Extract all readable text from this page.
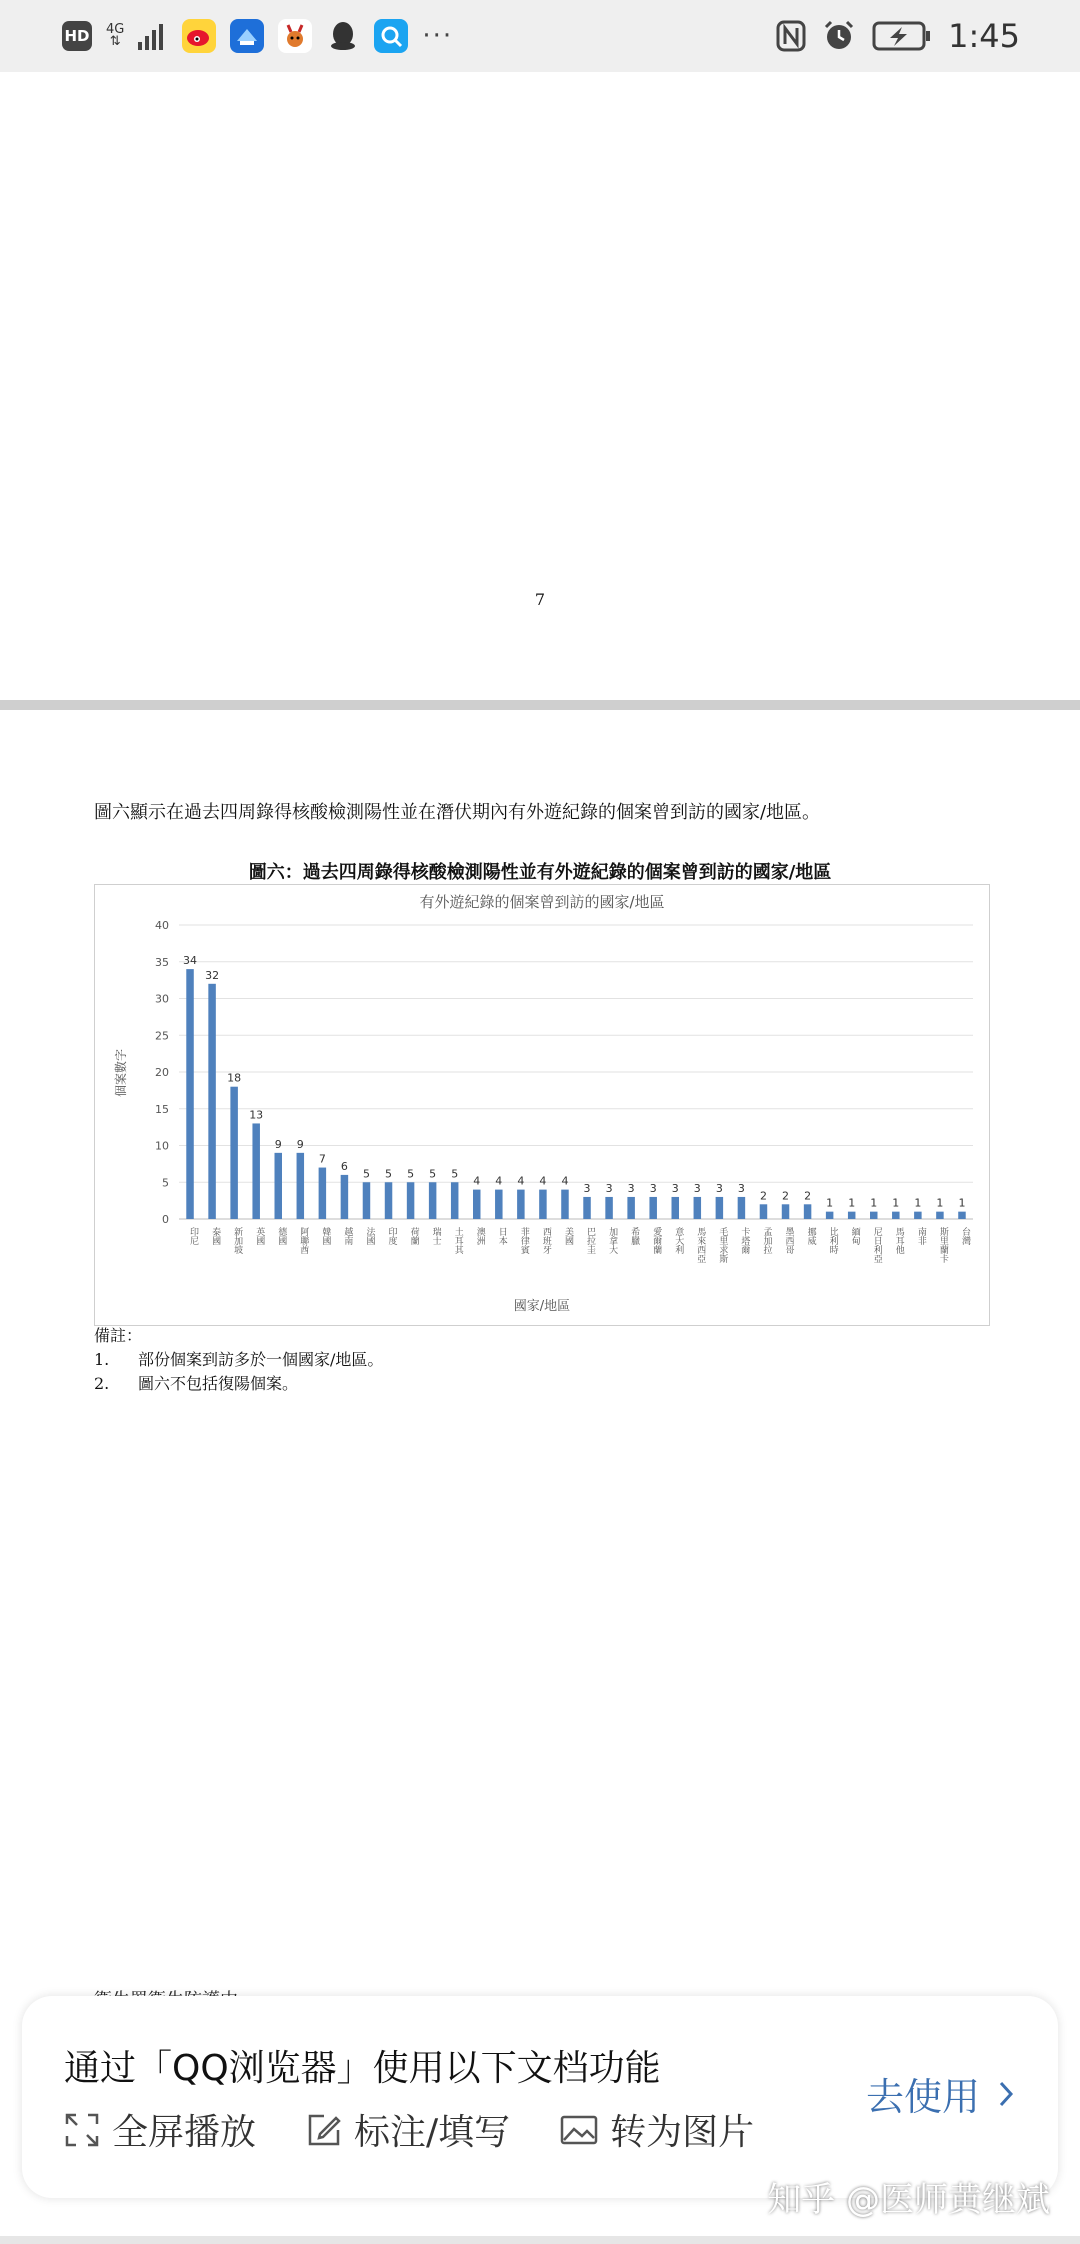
HD 4G
⇅	···	1:45
7
圖六顯示在過去四周錄得核酸檢測陽性並在潛伏期內有外遊紀錄的個案曾到訪的國家/地區。
圖六：過去四周錄得核酸檢測陽性並有外遊紀錄的個案曾到訪的國家/地區
有外遊紀錄的個案曾到訪的國家/地區
0
5
10
15
20
25
30
35
40
34
32
18
13
9 9
7
6
5 5 5 5 5
4 4 4 4 4
3 3 3 3 3 3 3 3
2 2 2
1 1 1 1 1 1 1
印尼 泰國 新加坡 英國 德國 阿聯酋 韓國 越南 法國 印度 荷蘭 瑞士 土耳其 澳洲 日本 菲律賓 西班牙 美國 巴拉圭 加拿大 希臘 愛爾蘭 意大利 馬來西亞 毛里求斯 卡塔爾 孟加拉 墨西哥 挪威 比利時 緬甸 尼日利亞 馬耳他 南非 斯里蘭卡 台灣
個案數字
國家/地區
備註：
1.	部份個案到訪多於一個國家/地區。
2.	圖六不包括復陽個案。
通过「QQ浏览器」使用以下文档功能
全屏播放	标注/填写	转为图片
去使用
知乎 @医师黄继斌
